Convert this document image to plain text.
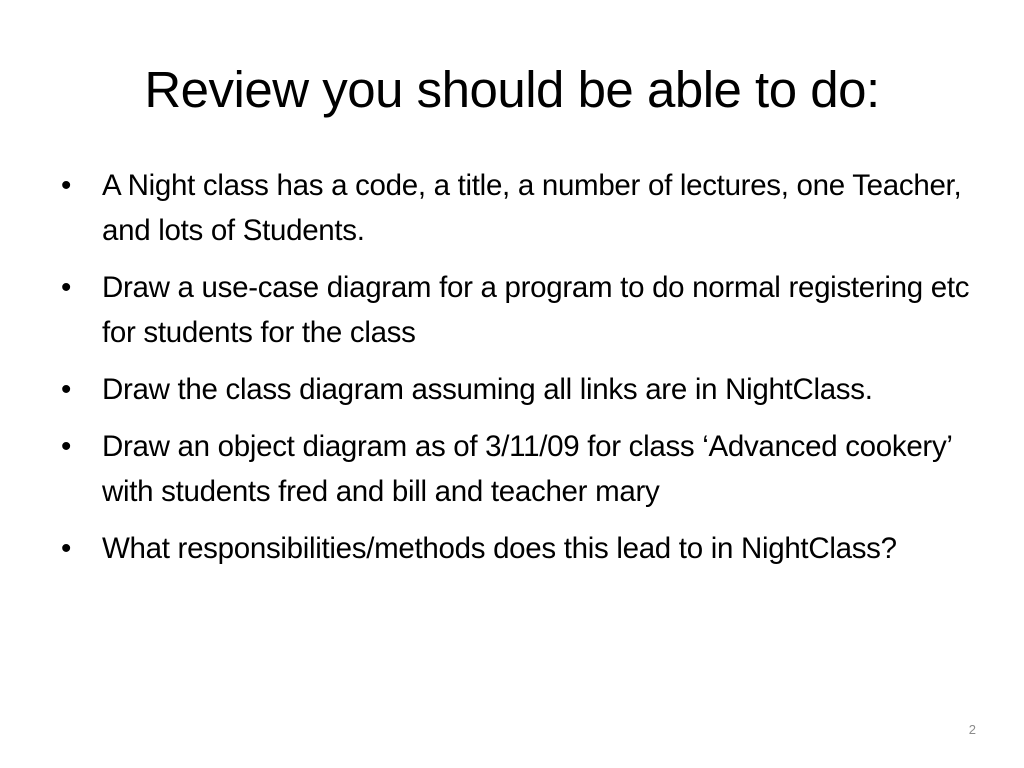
Review you should be able to do:
• A Night class has a code, a title, a number of lectures, one Teacher, and lots of Students.
• Draw a use-case diagram for a program to do normal registering etc for students for the class
• Draw the class diagram assuming all links are in NightClass.
• Draw an object diagram as of 3/11/09 for class ‘Advanced cookery’ with students fred and bill and teacher mary
• What responsibilities/methods does this lead to in NightClass?
2
